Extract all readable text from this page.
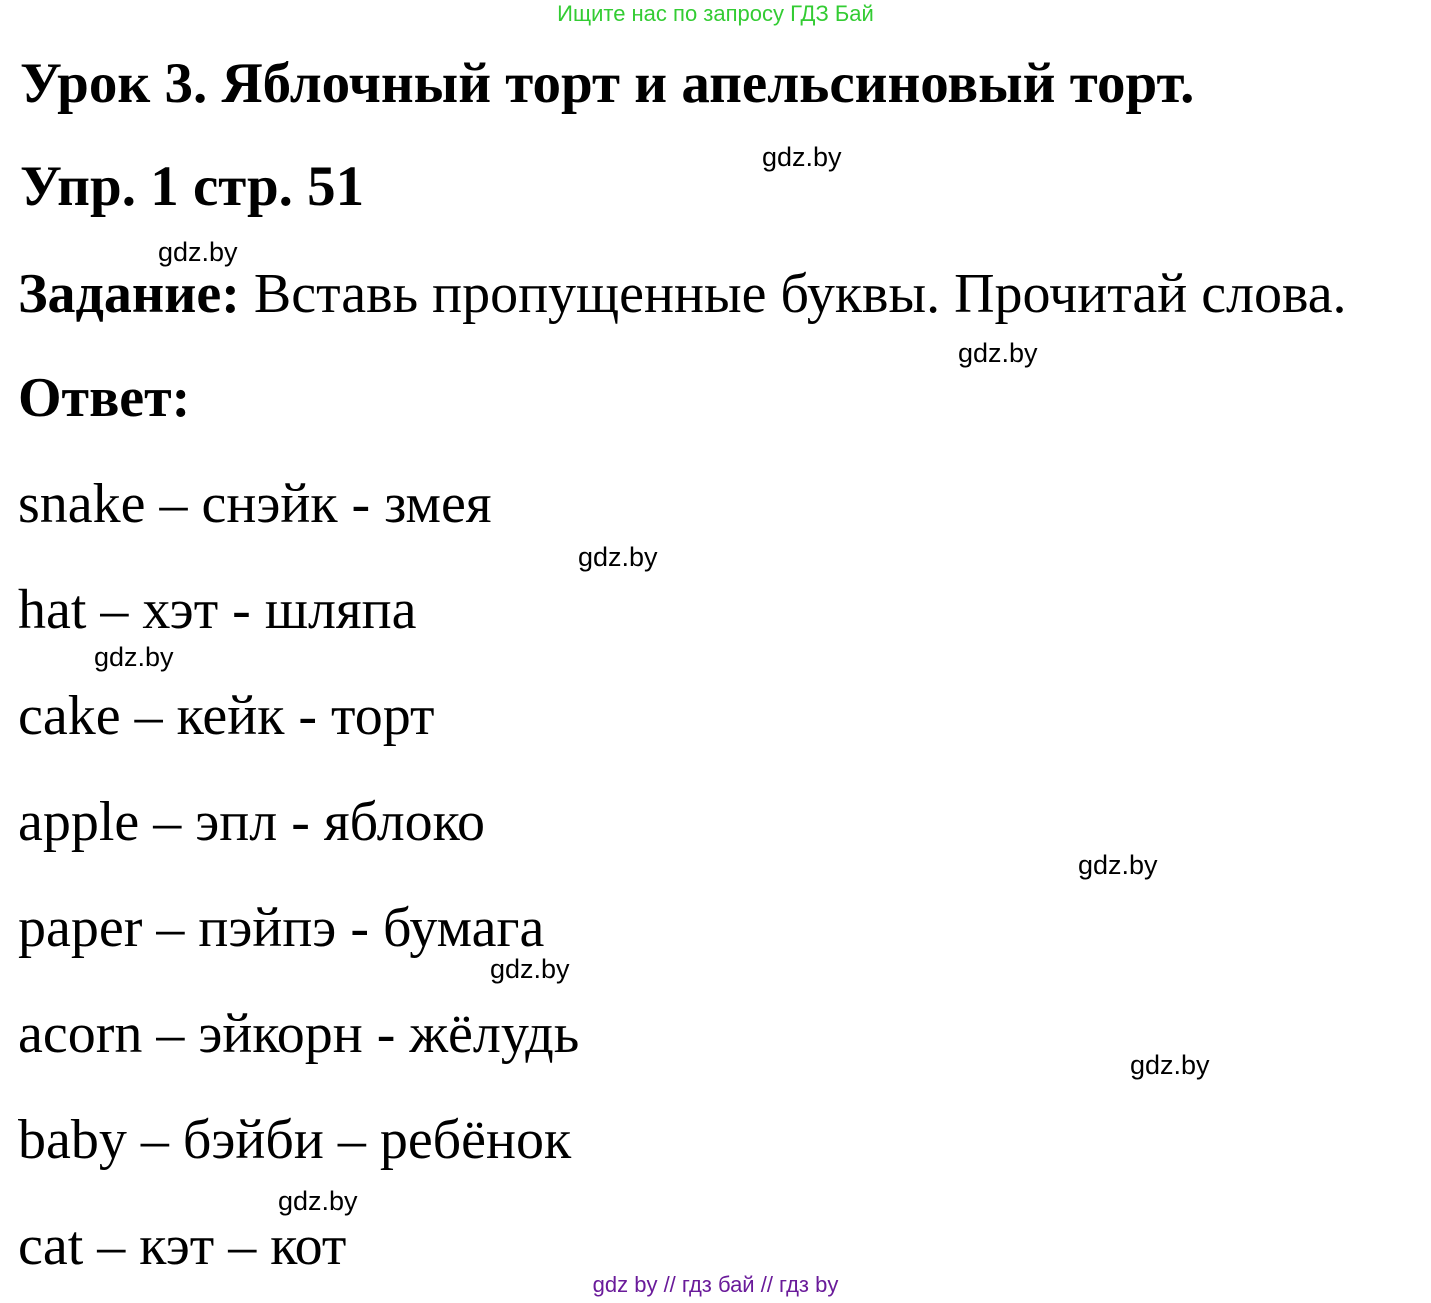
Ищите нас по запросу ГДЗ Бай
Урок 3. Яблочный торт и апельсиновый торт.
gdz.by
Упр. 1 стр. 51
gdz.by

Задание: Вставь пропущенные буквы. Прочитай слова.

gdz.by
Ответ:
snake – снэйк - змея
gdz.by
hat – хэт - шляпа
gdz.by
cake – кейк - торт
apple – эпл - яблоко
gdz.by
paper – пэйпэ - бумага
gdz.by
acorn – эйкорн - жёлудь	gdz.by
baby – бэйби – ребёнок
gdz.by
cat – кэт – кот
gdz by // гдз бай // гдз by
